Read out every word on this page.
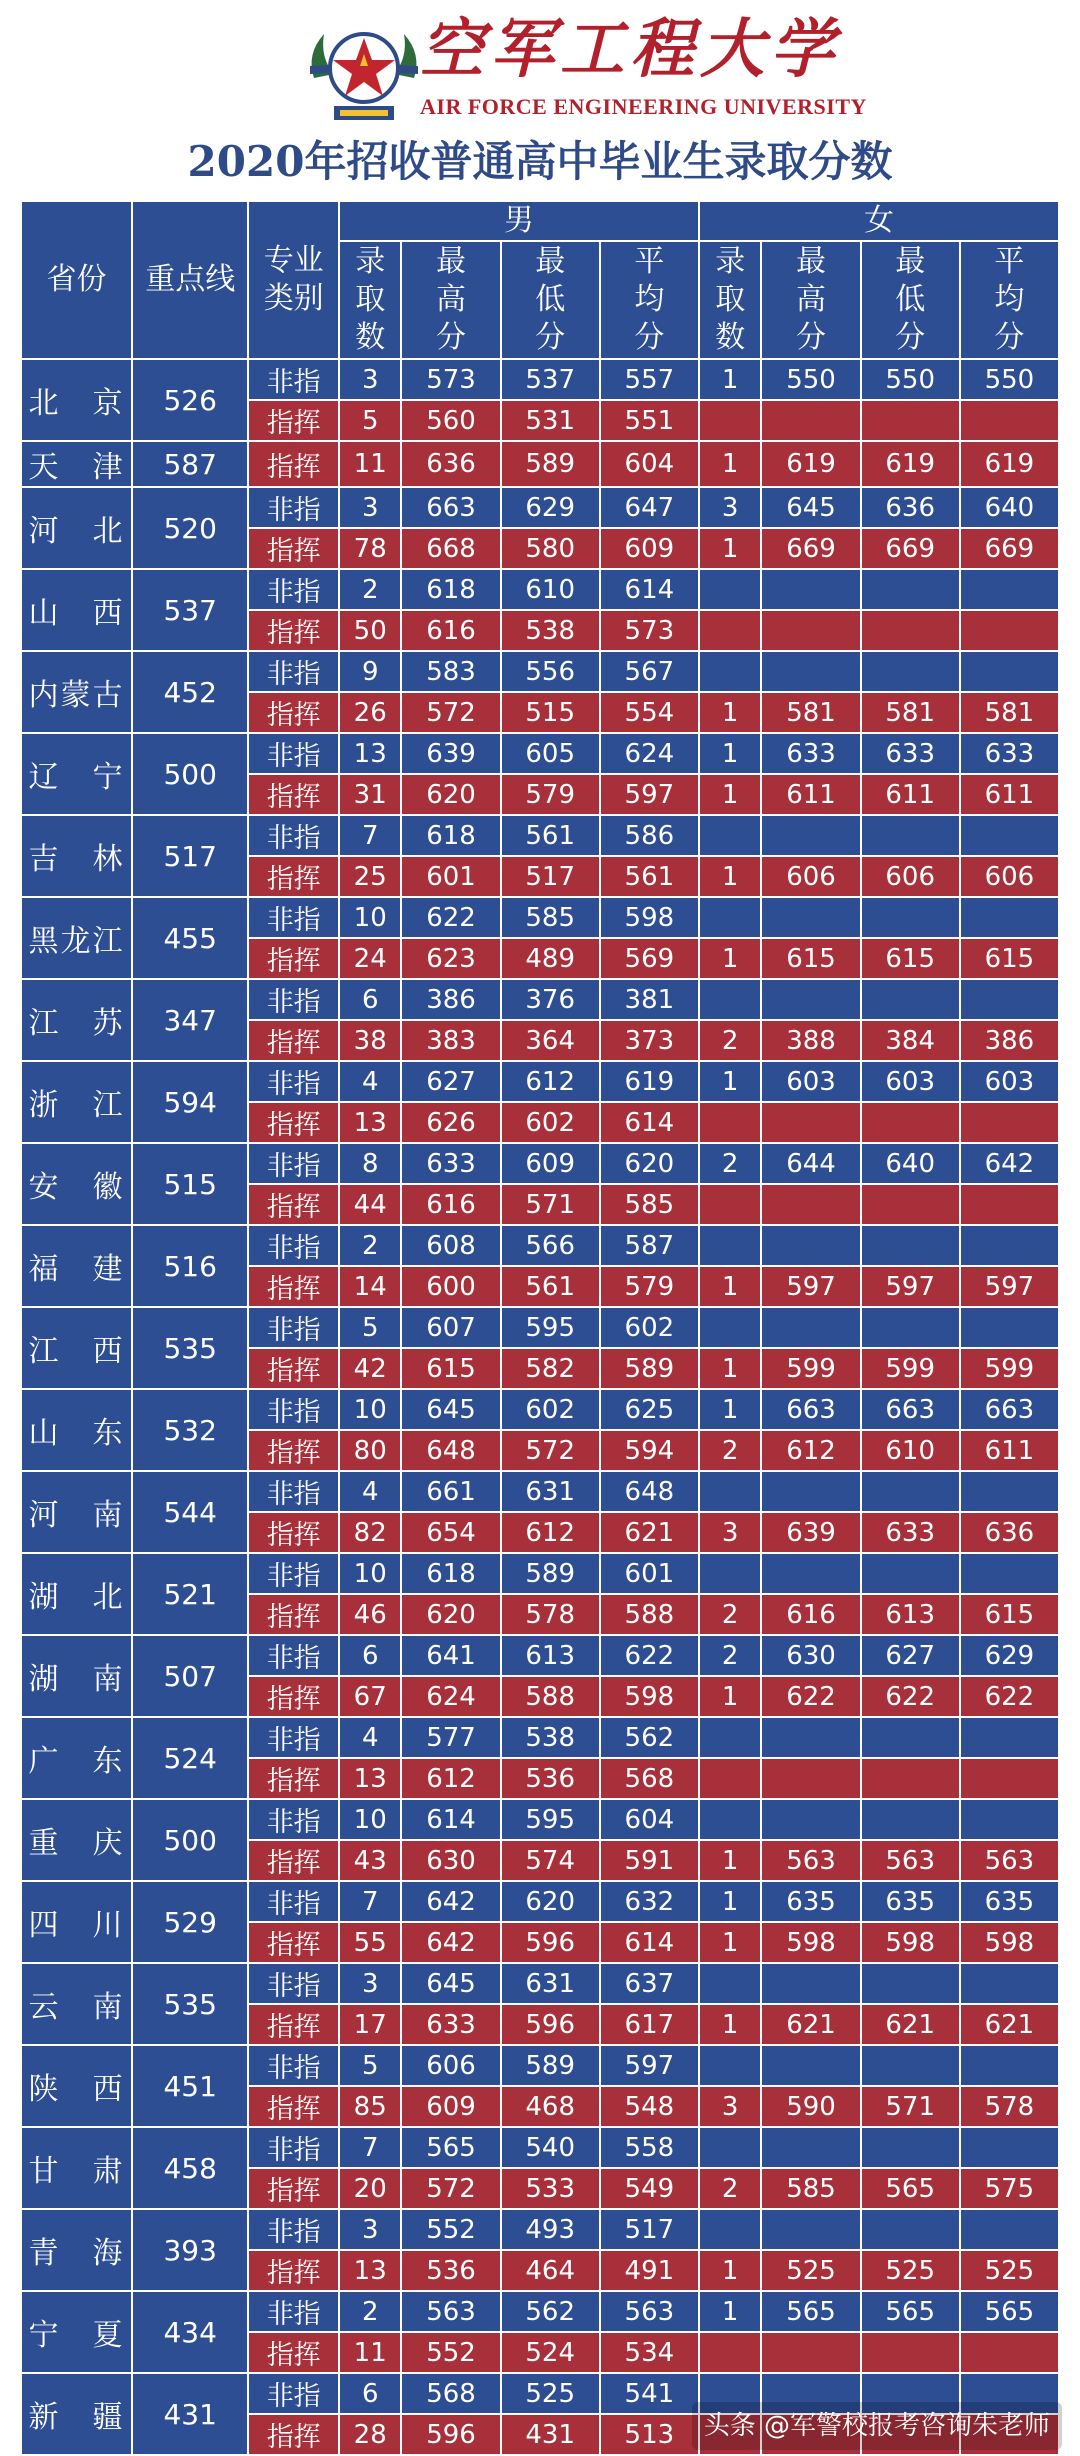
空军工程大学
AIR FORCE ENGINEERING UNIVERSITY
2020年招收普通高中毕业生录取分数
省份	重点线	专业类别	男				女			

			录取数	最高分	最低分	平均分	录取数	最高分	最低分	平均分

北 京	526	非指	3	573	537	557	1	550	550	550
		指挥	5	560	531	551				
天 津	587	指挥	11	636	589	604	1	619	619	619
河 北	520	非指	3	663	629	647	3	645	636	640
		指挥	78	668	580	609	1	669	669	669
山 西	537	非指	2	618	610	614				
		指挥	50	616	538	573				
内蒙古	452	非指	9	583	556	567				
		指挥	26	572	515	554	1	581	581	581
辽 宁	500	非指	13	639	605	624	1	633	633	633
		指挥	31	620	579	597	1	611	611	611
吉 林	517	非指	7	618	561	586				
		指挥	25	601	517	561	1	606	606	606
黑龙江	455	非指	10	622	585	598				
		指挥	24	623	489	569	1	615	615	615
江 苏	347	非指	6	386	376	381				
		指挥	38	383	364	373	2	388	384	386
浙 江	594	非指	4	627	612	619	1	603	603	603
		指挥	13	626	602	614				
安 徽	515	非指	8	633	609	620	2	644	640	642
		指挥	44	616	571	585				
福 建	516	非指	2	608	566	587				
		指挥	14	600	561	579	1	597	597	597
江 西	535	非指	5	607	595	602				
		指挥	42	615	582	589	1	599	599	599
山 东	532	非指	10	645	602	625	1	663	663	663
		指挥	80	648	572	594	2	612	610	611
河 南	544	非指	4	661	631	648				
		指挥	82	654	612	621	3	639	633	636
湖 北	521	非指	10	618	589	601				
		指挥	46	620	578	588	2	616	613	615
湖 南	507	非指	6	641	613	622	2	630	627	629
		指挥	67	624	588	598	1	622	622	622
广 东	524	非指	4	577	538	562				
		指挥	13	612	536	568				
重 庆	500	非指	10	614	595	604				
		指挥	43	630	574	591	1	563	563	563
四 川	529	非指	7	642	620	632	1	635	635	635
		指挥	55	642	596	614	1	598	598	598
云 南	535	非指	3	645	631	637				
		指挥	17	633	596	617	1	621	621	621
陕 西	451	非指	5	606	589	597				
		指挥	85	609	468	548	3	590	571	578
甘 肃	458	非指	7	565	540	558				
		指挥	20	572	533	549	2	585	565	575
青 海	393	非指	3	552	493	517				
		指挥	13	536	464	491	1	525	525	525
宁 夏	434	非指	2	563	562	563	1	565	565	565
		指挥	11	552	524	534				
新 疆	431	非指	6	568	525	541				
		指挥	28	596	431	513					头条 @军警校报考咨询朱老师
